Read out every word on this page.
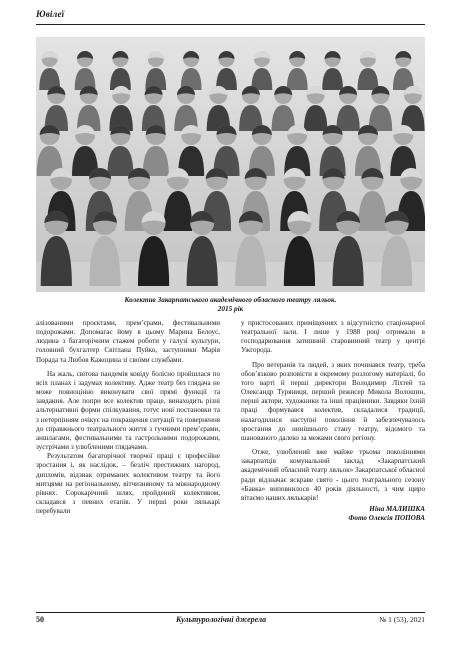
Ювілеї
Колектив Закарпатського академічного обласного театру ляльок.
2015 рік

алізованими проєктами, прем’єрами, фестивальними подорожами. Допомагає йому в цьому Марина Белоус, людина з багаторічним стажем роботи у галузі культури, головний бухгалтер Світлана Пуйко, заступники Марія Порада та Любов Кажоцина зі своїми службами.

На жаль, світова пандемія ковіду болісно пройшлася по всіх планах і задумах колективу. Адже театр без глядача не може повноцінно виконувати свої прямі функції та завдання. Але попри все колектив праце, винаходить різні альтернативні форми спілкування, готує нові постановки та з нетерпінням очікує на покращення ситуації та повернення до справжнього театрального життя з гучними прем’єрами, аншлагами, фестивальними та гастрольними подорожами, зустрічами з улюбленими глядачами.

Результатом багаторічної творчої праці є професійне зростання і, як наслідок, – безліч престижних нагород, дипломів, відзнак отриманих колективом театру та його митцями на регіональному, вітчизняному та міжнародному рівнях. Сорокарічний шлях, пройдений колективом, складався з певних етапів. У перші роки лялькарі перебували

у пристосованих приміщеннях з відсутністю стаціонарної театральної зали. І лише у 1988 році отримали в господарювання затишний старовинний театр у центрі Ужгорода.

Про ветеранів та людей, з яких починався театр, треба обов’язково розповісти в окремому розлогому матеріалі, бо того варті й перші директори Володимир Ліхтей та Олександр Туряниця, перший режисер Микола Волошин, перші актори, художники та інші працівники. Завдяки їхній праці формувався колектив, складалися традиції, налагодилися наступні покоління й забезпечувалось зростання до нинішнього стану театру, відомого та шанованого далеко за межами свого регіону.

Отже, улюблений вже майже трьома поколіннями закарпатців комунальний заклад «Закарпатський академічний обласний театр ляльок» Закарпатської обласної ради відзначає яскраве свято - цього театрального сезону «Бавка» виповнилося 40 років діяльності, з чим щиро вітаємо наших лялькарів!

Ніна МАЛИШКА
Фото Олексія ПОПОВА
50	Культурологічні джерела	№ 1 (53), 2021
